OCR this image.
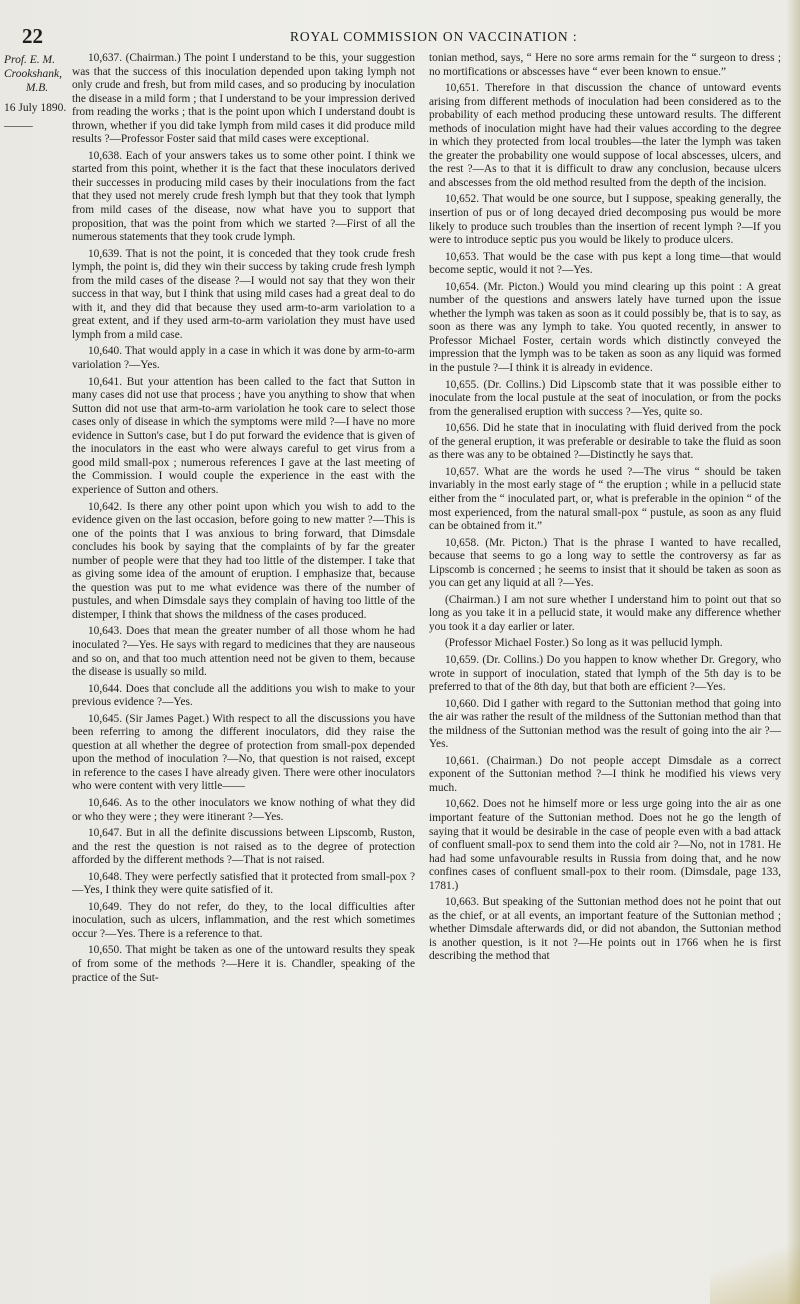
22	ROYAL COMMISSION ON VACCINATION :
Prof. E. M.
Crookshank,
M.B.
16 July 1890.
_____

10,637. (Chairman.) The point I understand to be this, your suggestion was that the success of this inoculation depended upon taking lymph not only crude and fresh, but from mild cases, and so producing by inoculation the disease in a mild form ; that I understand to be your impression derived from reading the works ; that is the point upon which I understand doubt is thrown, whether if you did take lymph from mild cases it did produce mild results ?—Professor Foster said that mild cases were exceptional.

10,638. Each of your answers takes us to some other point. I think we started from this point, whether it is the fact that these inoculators derived their successes in producing mild cases by their inoculations from the fact that they used not merely crude fresh lymph but that they took that lymph from mild cases of the disease, now what have you to support that proposition, that was the point from which we started ?—First of all the numerous statements that they took crude lymph.

10,639. That is not the point, it is conceded that they took crude fresh lymph, the point is, did they win their success by taking crude fresh lymph from the mild cases of the disease ?—I would not say that they won their success in that way, but I think that using mild cases had a great deal to do with it, and they did that because they used arm-to-arm variolation to a great extent, and if they used arm-to-arm variolation they must have used lymph from a mild case.

10,640. That would apply in a case in which it was done by arm-to-arm variolation ?—Yes.

10,641. But your attention has been called to the fact that Sutton in many cases did not use that process ; have you anything to show that when Sutton did not use that arm-to-arm variolation he took care to select those cases only of disease in which the symptoms were mild ?—I have no more evidence in Sutton's case, but I do put forward the evidence that is given of the inoculators in the east who were always careful to get virus from a good mild small-pox ; numerous references I gave at the last meeting of the Commission. I would couple the experience in the east with the experience of Sutton and others.

10,642. Is there any other point upon which you wish to add to the evidence given on the last occasion, before going to new matter ?—This is one of the points that I was anxious to bring forward, that Dimsdale concludes his book by saying that the complaints of by far the greater number of people were that they had too little of the distemper. I take that as giving some idea of the amount of eruption. I emphasize that, because the question was put to me what evidence was there of the number of pustules, and when Dimsdale says they complain of having too little of the distemper, I think that shows the mildness of the cases produced.

10,643. Does that mean the greater number of all those whom he had inoculated ?—Yes. He says with regard to medicines that they are nauseous and so on, and that too much attention need not be given to them, because the disease is usually so mild.

10,644. Does that conclude all the additions you wish to make to your previous evidence ?—Yes.

10,645. (Sir James Paget.) With respect to all the discussions you have been referring to among the different inoculators, did they raise the question at all whether the degree of protection from small-pox depended upon the method of inoculation ?—No, that question is not raised, except in reference to the cases I have already given. There were other inoculators who were content with very little——

10,646. As to the other inoculators we know nothing of what they did or who they were ; they were itinerant ?—Yes.

10,647. But in all the definite discussions between Lipscomb, Ruston, and the rest the question is not raised as to the degree of protection afforded by the different methods ?—That is not raised.

10,648. They were perfectly satisfied that it protected from small-pox ?—Yes, I think they were quite satisfied of it.

10,649. They do not refer, do they, to the local difficulties after inoculation, such as ulcers, inflammation, and the rest which sometimes occur ?—Yes. There is a reference to that.

10,650. That might be taken as one of the untoward results they speak of from some of the methods ?—Here it is. Chandler, speaking of the practice of the Sut-

tonian method, says, “ Here no sore arms remain for the “ surgeon to dress ; no mortifications or abscesses have “ ever been known to ensue.”

10,651. Therefore in that discussion the chance of untoward events arising from different methods of inoculation had been considered as to the probability of each method producing these untoward results. The different methods of inoculation might have had their values according to the degree in which they protected from local troubles—the later the lymph was taken the greater the probability one would suppose of local abscesses, ulcers, and the rest ?—As to that it is difficult to draw any conclusion, because ulcers and abscesses from the old method resulted from the depth of the incision.

10,652. That would be one source, but I suppose, speaking generally, the insertion of pus or of long decayed dried decomposing pus would be more likely to produce such troubles than the insertion of recent lymph ?—If you were to introduce septic pus you would be likely to produce ulcers.

10,653. That would be the case with pus kept a long time—that would become septic, would it not ?—Yes.

10,654. (Mr. Picton.) Would you mind clearing up this point : A great number of the questions and answers lately have turned upon the issue whether the lymph was taken as soon as it could possibly be, that is to say, as soon as there was any lymph to take. You quoted recently, in answer to Professor Michael Foster, certain words which distinctly conveyed the impression that the lymph was to be taken as soon as any liquid was formed in the pustule ?—I think it is already in evidence.

10,655. (Dr. Collins.) Did Lipscomb state that it was possible either to inoculate from the local pustule at the seat of inoculation, or from the pocks from the generalised eruption with success ?—Yes, quite so.

10,656. Did he state that in inoculating with fluid derived from the pock of the general eruption, it was preferable or desirable to take the fluid as soon as there was any to be obtained ?—Distinctly he says that.

10,657. What are the words he used ?—The virus “ should be taken invariably in the most early stage of “ the eruption ; while in a pellucid state either from the “ inoculated part, or, what is preferable in the opinion “ of the most experienced, from the natural small-pox “ pustule, as soon as any fluid can be obtained from it.”

10,658. (Mr. Picton.) That is the phrase I wanted to have recalled, because that seems to go a long way to settle the controversy as far as Lipscomb is concerned ; he seems to insist that it should be taken as soon as you can get any liquid at all ?—Yes.

(Chairman.) I am not sure whether I understand him to point out that so long as you take it in a pellucid state, it would make any difference whether you took it a day earlier or later.

(Professor Michael Foster.) So long as it was pellucid lymph.

10,659. (Dr. Collins.) Do you happen to know whether Dr. Gregory, who wrote in support of inoculation, stated that lymph of the 5th day is to be preferred to that of the 8th day, but that both are efficient ?—Yes.

10,660. Did I gather with regard to the Suttonian method that going into the air was rather the result of the mildness of the Suttonian method than that the mildness of the Suttonian method was the result of going into the air ?—Yes.

10,661. (Chairman.) Do not people accept Dimsdale as a correct exponent of the Suttonian method ?—I think he modified his views very much.

10,662. Does not he himself more or less urge going into the air as one important feature of the Suttonian method. Does not he go the length of saying that it would be desirable in the case of people even with a bad attack of confluent small-pox to send them into the cold air ?—No, not in 1781. He had had some unfavourable results in Russia from doing that, and he now confines cases of confluent small-pox to their room. (Dimsdale, page 133, 1781.)

10,663. But speaking of the Suttonian method does not he point that out as the chief, or at all events, an important feature of the Suttonian method ; whether Dimsdale afterwards did, or did not abandon, the Suttonian method is another question, is it not ?—He points out in 1766 when he is first describing the method that
